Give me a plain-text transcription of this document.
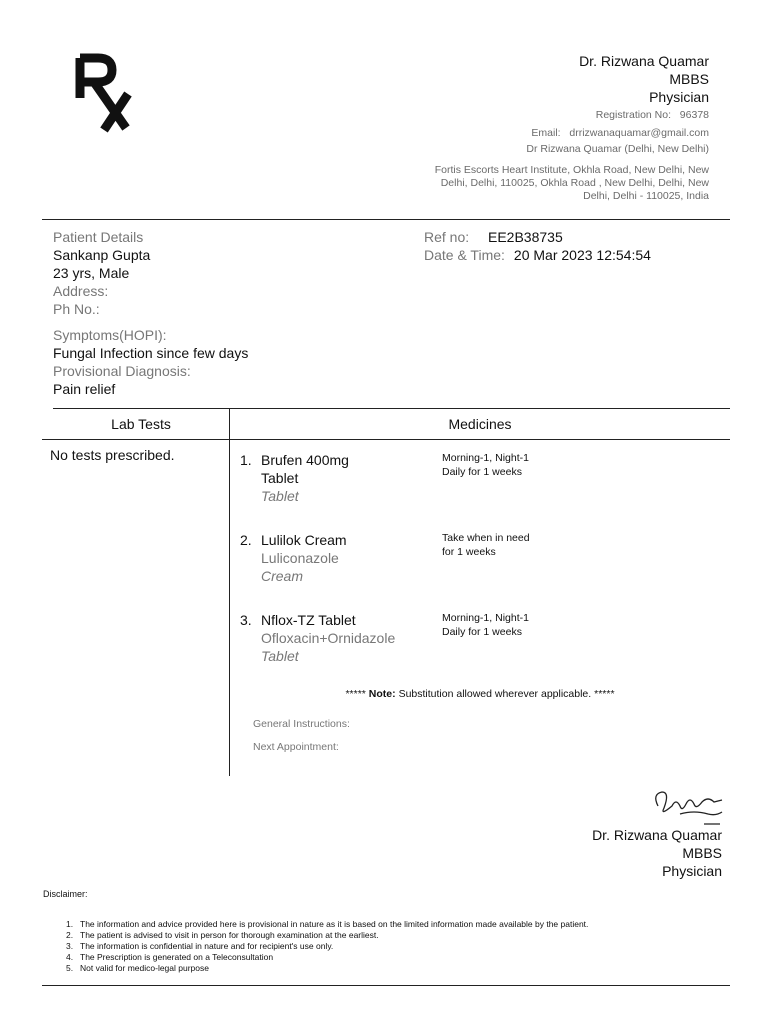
Dr. Rizwana Quamar
MBBS
Physician
Registration No: 96378
Email: drrizwanaquamar@gmail.com
Dr Rizwana Quamar (Delhi, New Delhi)
Fortis Escorts Heart Institute, Okhla Road, New Delhi, New Delhi, Delhi, 110025, Okhla Road , New Delhi, Delhi, New Delhi, Delhi - 110025, India
Patient Details
Sankanp Gupta
23 yrs, Male
Address:
Ph No.:
Symptoms(HOPI):
Fungal Infection since few days
Provisional Diagnosis:
Pain relief
Ref no: EE2B38735
Date & Time: 20 Mar 2023 12:54:54
Lab Tests	Medicines
No tests prescribed.	1. Brufen 400mg
Tablet
Tablet
Morning-1, Night-1
Daily for 1 weeks
2. Lulilok Cream
Luliconazole
Cream
Take when in need
for 1 weeks
3. Nflox-TZ Tablet
Ofloxacin+Ornidazole
Tablet
Morning-1, Night-1
Daily for 1 weeks
***** Note: Substitution allowed wherever applicable. *****
General Instructions:
Next Appointment:
Dr. Rizwana Quamar
MBBS
Physician
Disclaimer:
1. The information and advice provided here is provisional in nature as it is based on the limited information made available by the patient.
2. The patient is advised to visit in person for thorough examination at the earliest.
3. The information is confidential in nature and for recipient's use only.
4. The Prescription is generated on a Teleconsultation
5. Not valid for medico-legal purpose
